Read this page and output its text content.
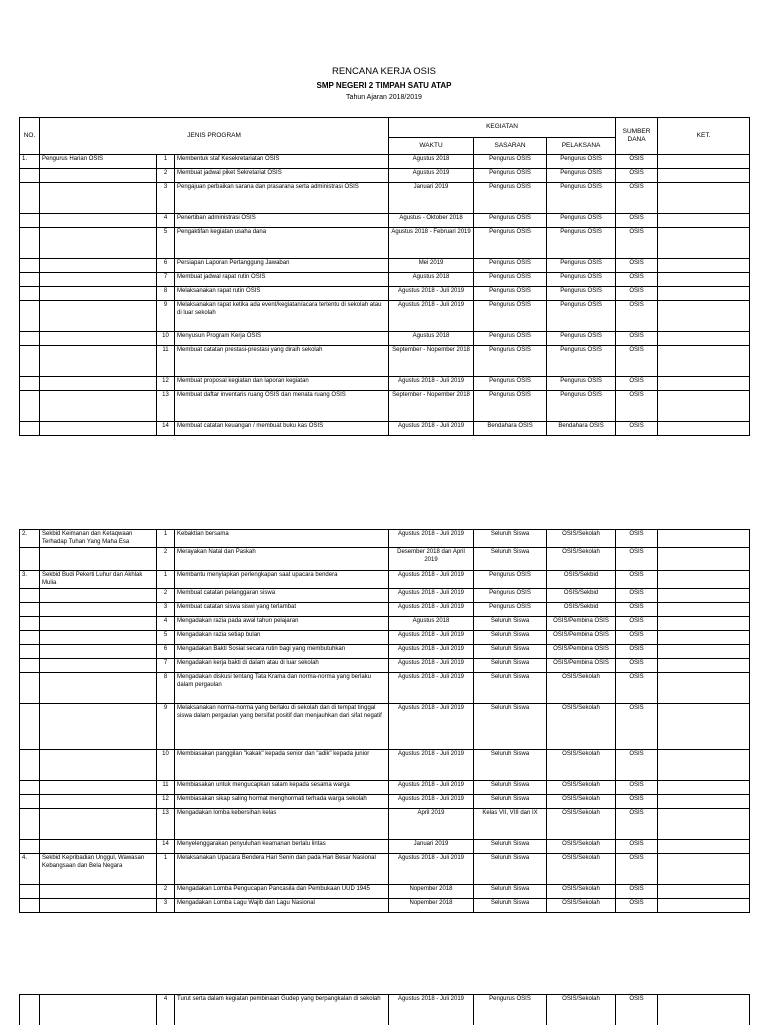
RENCANA KERJA OSIS
SMP NEGERI 2 TIMPAH SATU ATAP
Tahun Ajaran 2018/2019
NO.	JENIS PROGRAM			KEGIATAN			SUMBER DANA	KET.
				WAKTU	SASARAN	PELAKSANA		
1.	Pengurus Harian OSIS	1	Membentuk staf Kesekretariatan OSIS	Agustus 2018	Pengurus OSIS	Pengurus OSIS	OSIS	
		2	Membuat jadwal piket Sekretariat OSIS	Agustus 2019	Pengurus OSIS	Pengurus OSIS	OSIS	
		3	Pengajuan perbaikan sarana dan prasarana serta administrasi OSIS	Januari 2019	Pengurus OSIS	Pengurus OSIS	OSIS	
		4	Penertiban administrasi OSIS	Agustus - Oktober 2018	Pengurus OSIS	Pengurus OSIS	OSIS	
		5	Pengaktifan kegiatan usaha dana	Agustus 2018 - Februari 2019	Pengurus OSIS	Pengurus OSIS	OSIS	
		6	Persiapan Laporan Pertanggung Jawaban	Mei 2019	Pengurus OSIS	Pengurus OSIS	OSIS	
		7	Membuat jadwal rapat rutin OSIS	Agustus 2018	Pengurus OSIS	Pengurus OSIS	OSIS	
		8	Melaksanakan rapat rutin OSIS	Agustus 2018 - Juli 2019	Pengurus OSIS	Pengurus OSIS	OSIS	
		9	Melaksanakan rapat ketika ada event/kegiatan/acara tertentu di sekolah atau di luar sekolah	Agustus 2018 - Juli 2019	Pengurus OSIS	Pengurus OSIS	OSIS	
		10	Menyusun Program Kerja OSIS	Agustus 2018	Pengurus OSIS	Pengurus OSIS	OSIS	
		11	Membuat catatan prestasi-prestasi yang diraih sekolah	September - Nopember 2018	Pengurus OSIS	Pengurus OSIS	OSIS	
		12	Membuat proposal kegiatan dan laporan kegiatan	Agustus 2018 - Juli 2019	Pengurus OSIS	Pengurus OSIS	OSIS	
		13	Membuat daftar inventaris ruang OSIS dan menata ruang OSIS	September - Nopember 2018	Pengurus OSIS	Pengurus OSIS	OSIS	
		14	Membuat catatan keuangan / membuat buku kas OSIS	Agustus 2018 - Juli 2019	Bendahara OSIS	Bendahara OSIS	OSIS	
2.	Sekbid Keimanan dan Ketaqwaan Terhadap Tuhan Yang Maha Esa	1	Kebaktian bersama	Agustus 2018 - Juli 2019	Seluruh Siswa	OSIS/Sekolah	OSIS	
		2	Merayakan Natal dan Paskah	Desember 2018 dan April 2019	Seluruh Siswa	OSIS/Sekolah	OSIS	
3.	Sekbid Budi Pekerti Luhur dan Akhlak Mulia	1	Membantu menyiapkan perlengkapan saat upacara bendera	Agustus 2018 - Juli 2019	Pengurus OSIS	OSIS/Sekbid	OSIS	
		2	Membuat catatan pelanggaran siswa	Agustus 2018 - Juli 2019	Pengurus OSIS	OSIS/Sekbid	OSIS	
		3	Membuat catatan siswa siswi yang terlambat	Agustus 2018 - Juli 2019	Pengurus OSIS	OSIS/Sekbid	OSIS	
		4	Mengadakan razia pada awal tahun pelajaran	Agustus 2018	Seluruh Siswa	OSIS/Pembina OSIS	OSIS	
		5	Mengadakan razia setiap bulan	Agustus 2018 - Juli 2019	Seluruh Siswa	OSIS/Pembina OSIS	OSIS	
		6	Mengadakan Bakti Sosial secara rutin bagi yang membutuhkan	Agustus 2018 - Juli 2019	Seluruh Siswa	OSIS/Pembina OSIS	OSIS	
		7	Mengadakan kerja bakti di dalam atau di luar sekolah	Agustus 2018 - Juli 2019	Seluruh Siswa	OSIS/Pembina OSIS	OSIS	
		8	Mengadakan diskusi tentang Tata Krama dan norma-norma yang berlaku dalam pergaulan	Agustus 2018 - Juli 2019	Seluruh Siswa	OSIS/Sekolah	OSIS	
		9	Melaksanakan norma-norma yang berlaku di sekolah dan di tempat tinggal siswa dalam pergaulan yang bersifat positif dan menjauhkan dari sifat negatif	Agustus 2018 - Juli 2019	Seluruh Siswa	OSIS/Sekolah	OSIS	
		10	Membiasakan panggilan "kakak" kepada senior dan "adik" kepada junior	Agustus 2018 - Juli 2019	Seluruh Siswa	OSIS/Sekolah	OSIS	
		11	Membiasakan untuk mengucapkan salam kepada sesama warga	Agustus 2018 - Juli 2019	Seluruh Siswa	OSIS/Sekolah	OSIS	
		12	Membiasakan sikap saling hormat menghormati terhada warga sekolah	Agustus 2018 - Juli 2019	Seluruh Siswa	OSIS/Sekolah	OSIS	
		13	Mengadakan lomba kebersihan kelas	April 2019	Kelas VII, VIII dan IX	OSIS/Sekolah	OSIS	
		14	Menyelenggarakan penyuluhan keamanan berlalu lintas	Januari 2019	Seluruh Siswa	OSIS/Sekolah	OSIS	
4.	Sekbid Kepribadian Unggul, Wawasan Kebangsaan dan Bela Negara	1	Melaksanakan Upacara Bendera Hari Senin dan pada Hari Besar Nasional	Agustus 2018 - Juli 2019	Seluruh Siswa	OSIS/Sekolah	OSIS	
		2	Mengadakan Lomba Pengucapan Pancasila dan Pembukaan UUD 1945	Nopember 2018	Seluruh Siswa	OSIS/Sekolah	OSIS	
		3	Mengadakan Lomba Lagu Wajib dan Lagu Nasional	Nopember 2018	Seluruh Siswa	OSIS/Sekolah	OSIS	
		4	Turut serta dalam kegiatan pembinaan Gudep yang berpangkalan di sekolah	Agustus 2018 - Juli 2019	Pengurus OSIS	OSIS/Sekolah	OSIS	
